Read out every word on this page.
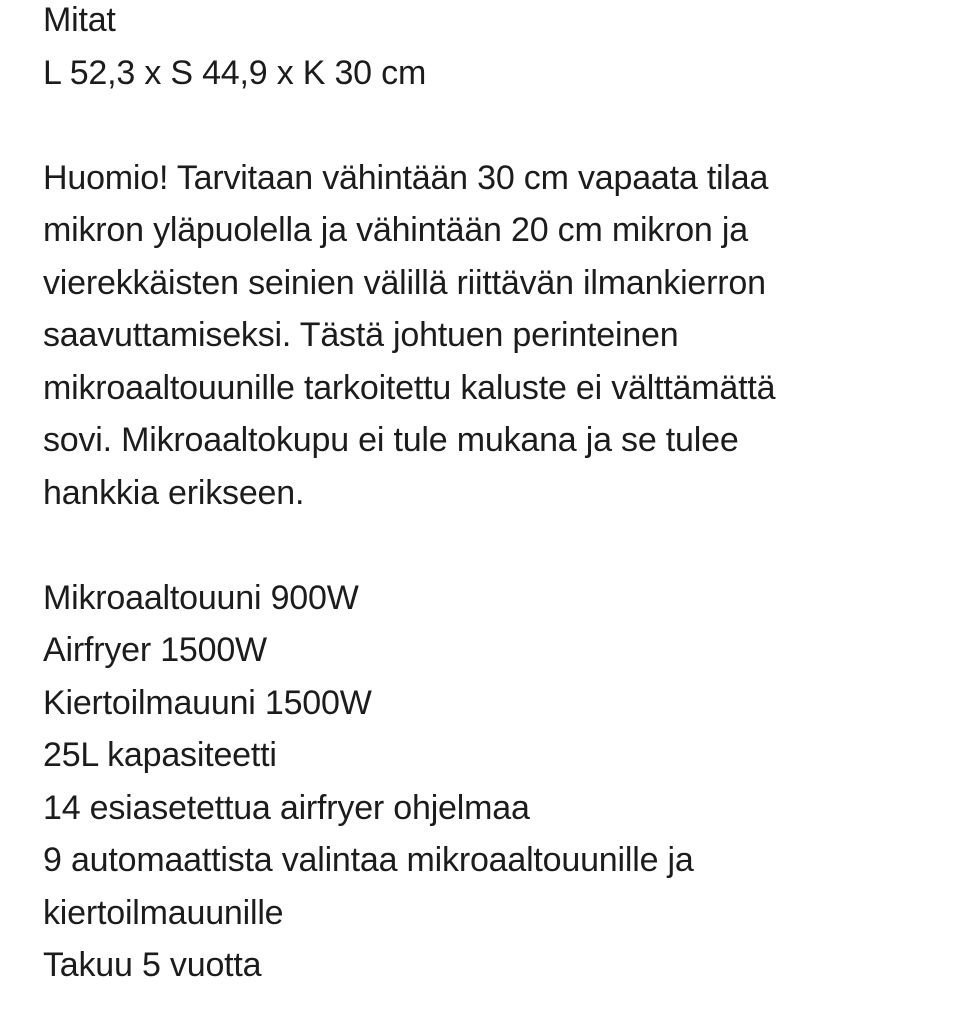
Mitat
L 52,3 x S 44,9 x K 30 cm
Huomio! Tarvitaan vähintään 30 cm vapaata tilaa
mikron yläpuolella ja vähintään 20 cm mikron ja
vierekkäisten seinien välillä riittävän ilmankierron
saavuttamiseksi. Tästä johtuen perinteinen
mikroaaltouunille tarkoitettu kaluste ei välttämättä
sovi. Mikroaaltokupu ei tule mukana ja se tulee
hankkia erikseen.
Mikroaaltouuni 900W
Airfryer 1500W
Kiertoilmauuni 1500W
25L kapasiteetti
14 esiasetettua airfryer ohjelmaa
9 automaattista valintaa mikroaaltouunille ja
kiertoilmauunille
Takuu 5 vuotta
